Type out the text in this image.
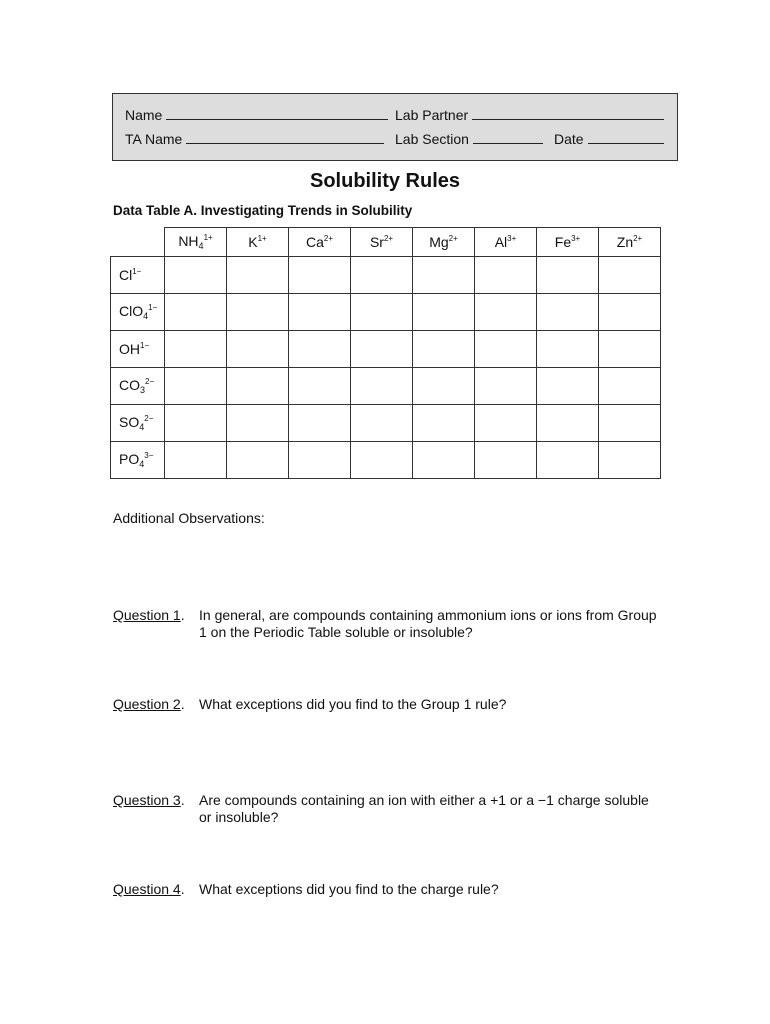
Name	Lab Partner
TA Name	Lab Section	Date
Solubility Rules
Data Table A. Investigating Trends in Solubility
	$NH_4^{1+}$	$K^{1+}$	$Ca^{2+}$	$Sr^{2+}$	$Mg^{2+}$	$Al^{3+}$	$Fe^{3+}$	$Zn^{2+}$
$Cl^{1-}$								
ClO$_4^{1-}$								
$OH^{1-}$								
$CO_3^{2-}$								
$SO_4^{2-}$								
$PO_4^{3-}$								
Additional Observations:
Question 1.	In general, are compounds containing ammonium ions or ions from Group 1 on the Periodic Table soluble or insoluble?
Question 2.	What exceptions did you find to the Group 1 rule?
Question 3.	Are compounds containing an ion with either a +1 or a −1 charge soluble or insoluble?
Question 4.	What exceptions did you find to the charge rule?
